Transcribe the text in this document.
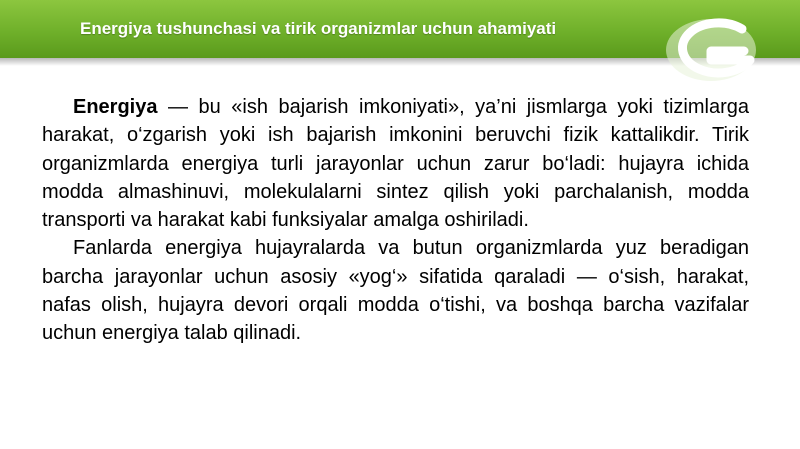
Energiya tushunchasi va tirik organizmlar uchun ahamiyati

Energiya — bu «ish bajarish imkoniyati», ya’ni jismlarga yoki tizimlarga harakat, o‘zgarish yoki ish bajarish imkonini beruvchi fizik kattalikdir. Tirik organizmlarda energiya turli jarayonlar uchun zarur bo‘ladi: hujayra ichida modda almashinuvi, molekulalarni sintez qilish yoki parchalanish, modda transporti va harakat kabi funksiyalar amalga oshiriladi.

Fanlarda energiya hujayralarda va butun organizmlarda yuz beradigan barcha jarayonlar uchun asosiy «yog‘» sifatida qaraladi — o‘sish, harakat, nafas olish, hujayra devori orqali modda o‘tishi, va boshqa barcha vazifalar uchun energiya talab qilinadi.
